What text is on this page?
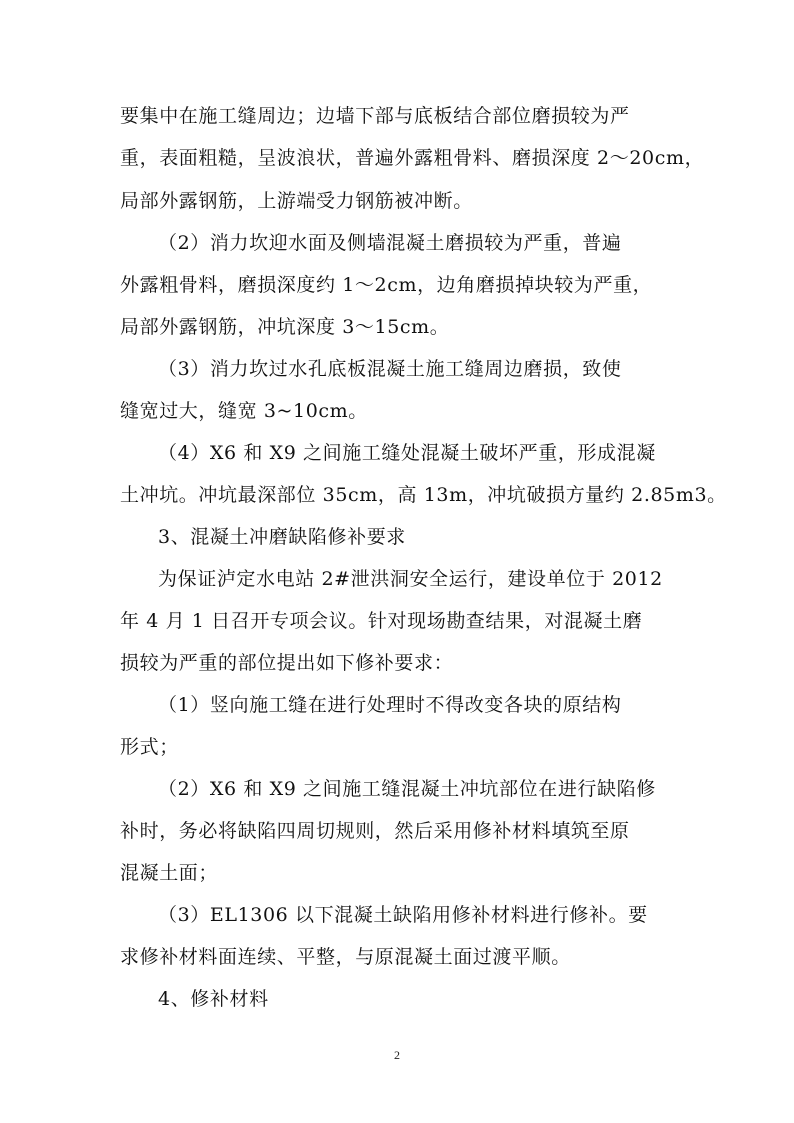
要集中在施工缝周边；边墙下部与底板结合部位磨损较为严
重，表面粗糙，呈波浪状，普遍外露粗骨料、磨损深度 2～20cm，
局部外露钢筋，上游端受力钢筋被冲断。
（2）消力坎迎水面及侧墙混凝土磨损较为严重，普遍
外露粗骨料，磨损深度约 1～2cm，边角磨损掉块较为严重，
局部外露钢筋，冲坑深度 3～15cm。
（3）消力坎过水孔底板混凝土施工缝周边磨损，致使
缝宽过大，缝宽 3~10cm。
（4）X6 和 X9 之间施工缝处混凝土破坏严重，形成混凝
土冲坑。冲坑最深部位 35cm，高 13m，冲坑破损方量约 2.85m3。
3、混凝土冲磨缺陷修补要求
为保证泸定水电站 2#泄洪洞安全运行，建设单位于 2012
年 4 月 1 日召开专项会议。针对现场勘查结果，对混凝土磨
损较为严重的部位提出如下修补要求：
（1）竖向施工缝在进行处理时不得改变各块的原结构
形式；
（2）X6 和 X9 之间施工缝混凝土冲坑部位在进行缺陷修
补时，务必将缺陷四周切规则，然后采用修补材料填筑至原
混凝土面；
（3）EL1306 以下混凝土缺陷用修补材料进行修补。要
求修补材料面连续、平整，与原混凝土面过渡平顺。
4、修补材料
2
